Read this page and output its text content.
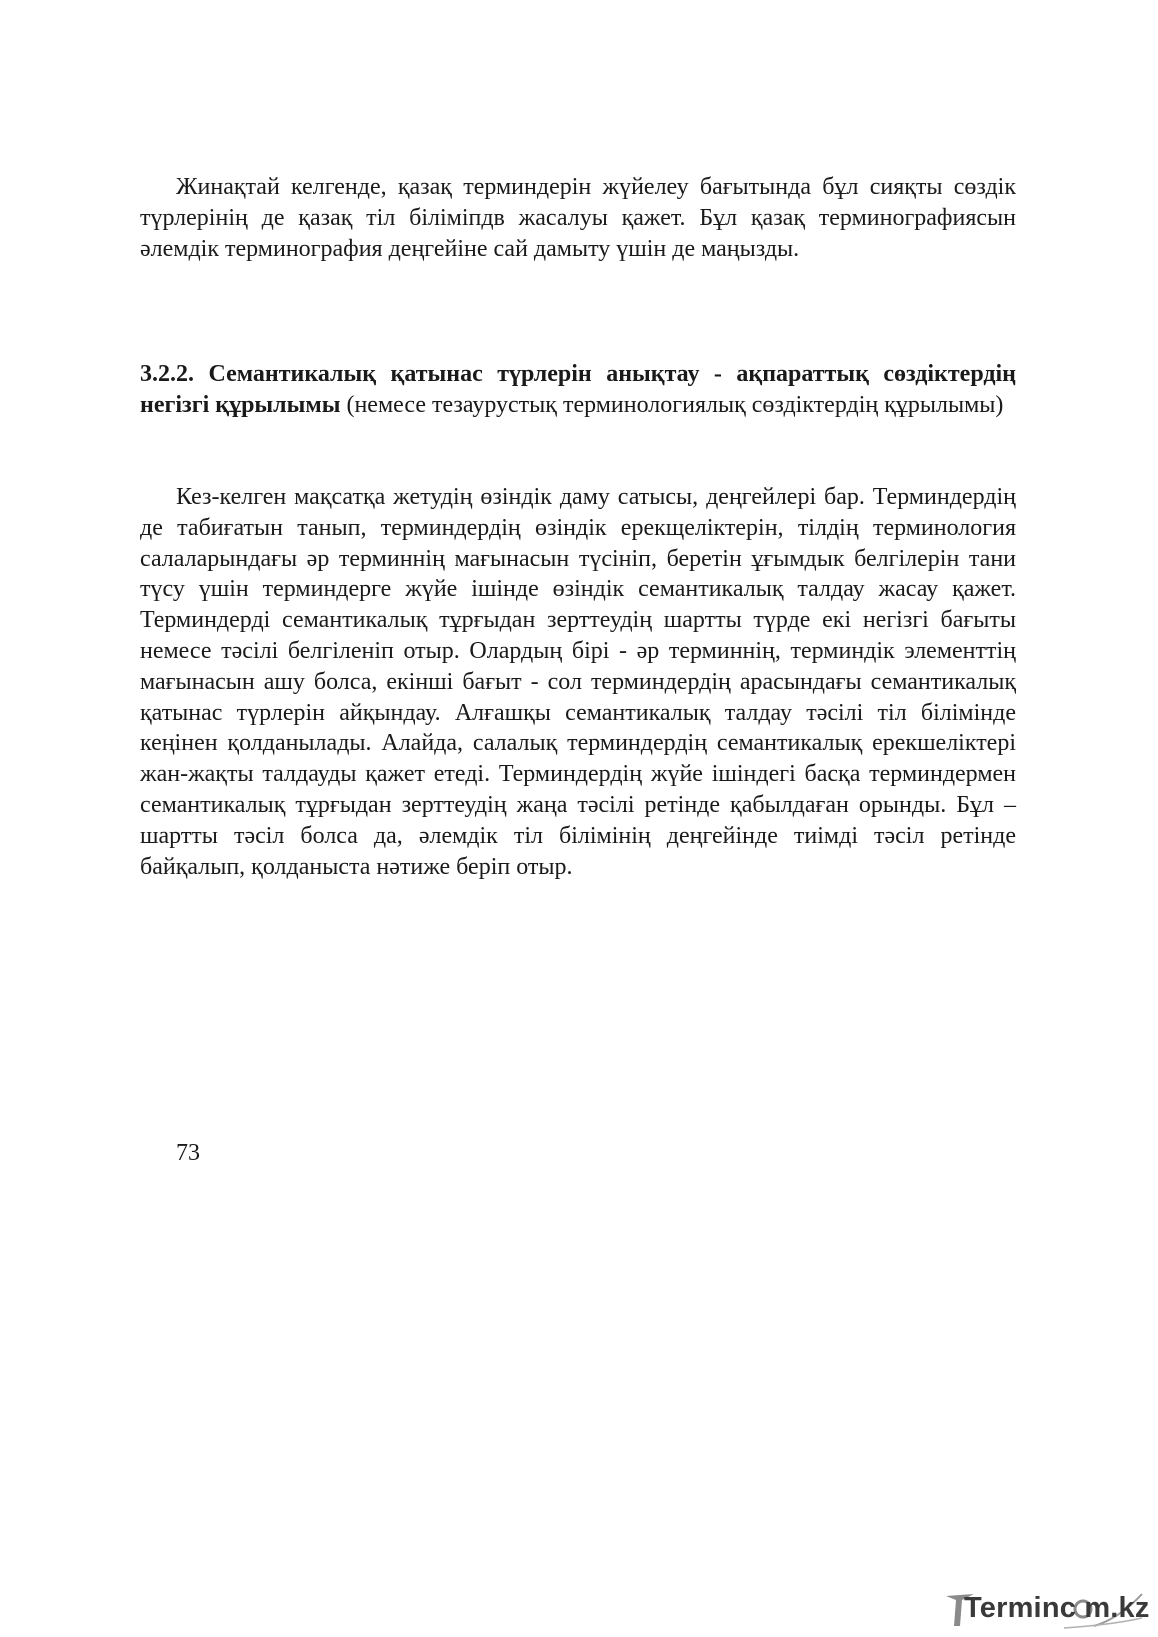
Жинақтай келгенде, қазақ терминдерін жүйелеу бағытында бұл сияқты сөздік түрлерінің де қазақ тіл біліміпдв жасалуы қажет. Бұл қазақ терминографиясын әлемдік терминография деңгейіне сай дамыту үшін де маңызды.

3.2.2. Семантикалық қатынас түрлерін анықтау - ақпараттық сөздіктердің негізгі құрылымы (немесе тезаурустық терминологиялық сөздіктердің құрылымы)

Кез-келген мақсатқа жетудің өзіндік даму сатысы, деңгейлері бар. Терминдердің де табиғатын танып, терминдердің өзіндік ерекщеліктерін, тілдің терминология салаларындағы әр терминнің мағынасын түсініп, беретін ұғымдык белгілерін тани түсу үшін терминдерге жүйе ішінде өзіндік семантикалық талдау жасау қажет. Терминдерді семантикалық тұрғыдан зерттеудің шартты түрде екі негізгі бағыты немесе тәсілі белгіленіп отыр. Олардың бірі - әр терминнің, терминдік элементтің мағынасын ашу болса, екінші бағыт - сол терминдердің арасындағы семантикалық қатынас түрлерін айқындау. Алғашқы семантикалық талдау тәсілі тіл білімінде кеңінен қолданылады. Алайда, салалық терминдердің семантикалық ерекшеліктері жан-жақты талдауды қажет етеді. Терминдердің жүйе ішіндегі басқа терминдермен семантикалық тұрғыдан зерттеудің жаңа тәсілі ретінде қабылдаған орынды. Бұл – шартты тәсіл болса да, әлемдік тіл білімінің деңгейінде тиімді тәсіл ретінде байқалып, қолданыста нәтиже беріп отыр.

73
Terminc m.kz
